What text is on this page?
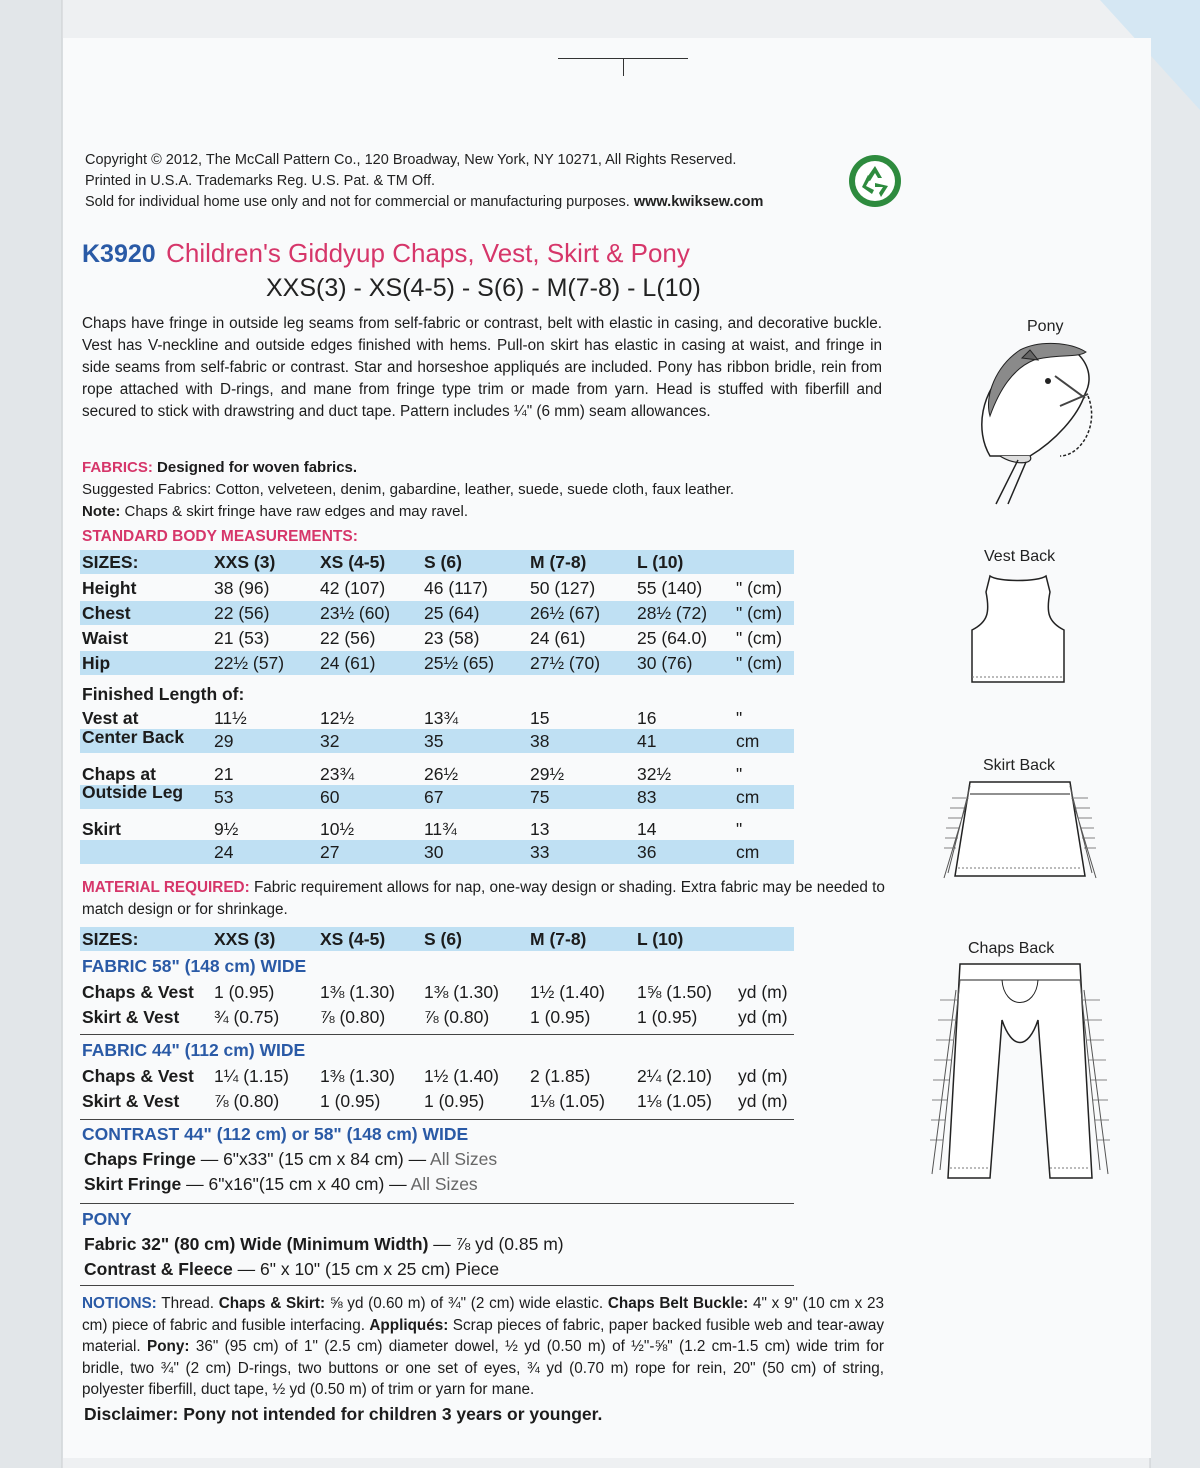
Copyright © 2012, The McCall Pattern Co., 120 Broadway, New York, NY 10271, All Rights Reserved.
Printed in U.S.A. Trademarks Reg. U.S. Pat. & TM Off.
Sold for individual home use only and not for commercial or manufacturing purposes. www.kwiksew.com
K3920 Children's Giddyup Chaps, Vest, Skirt & Pony
XXS(3) - XS(4-5) - S(6) - M(7-8) - L(10)
Chaps have fringe in outside leg seams from self-fabric or contrast, belt with elastic in casing, and decorative buckle. Vest has V-neckline and outside edges finished with hems. Pull-on skirt has elastic in casing at waist, and fringe in side seams from self-fabric or contrast. Star and horseshoe appliqués are included. Pony has ribbon bridle, rein from rope attached with D-rings, and mane from fringe type trim or made from yarn. Head is stuffed with fiberfill and secured to stick with drawstring and duct tape. Pattern includes ¼" (6 mm) seam allowances.
FABRICS: Designed for woven fabrics.
Suggested Fabrics: Cotton, velveteen, denim, gabardine, leather, suede, suede cloth, faux leather.
Note: Chaps & skirt fringe have raw edges and may ravel.
STANDARD BODY MEASUREMENTS:
SIZES:	XXS (3)	XS (4-5) S (6)	M (7-8)	L (10)
Height	38 (96)	42 (107) 46 (117) 50 (127) 55 (140) " (cm)
Chest	22 (56)	23½ (60) 25 (64)	26½ (67) 28½ (72) " (cm)
Waist	21 (53)	22 (56)	23 (58)	24 (61)	25 (64.0) " (cm)
Hip	22½ (57) 24 (61)	25½ (65) 27½ (70) 30 (76) " (cm)
Finished Length of:
Vest at	11½	12½	13¾	15	16	"
Center Back 29	32	35	38	41	cm
Chaps at	21	23¾	26½	29½	32½	"
Outside Leg 53	60	67	75	83	cm
Skirt	9½	10½	11¾	13	14	"
24	27	30	33	36	cm
MATERIAL REQUIRED: Fabric requirement allows for nap, one-way design or shading. Extra fabric may be needed to match design or for shrinkage.
SIZES:	XXS (3)	XS (4-5) S (6)	M (7-8)	L (10)
FABRIC 58" (148 cm) WIDE
Chaps & Vest 1 (0.95)	1⅜ (1.30) 1⅜ (1.30) 1½ (1.40) 1⅝ (1.50) yd (m)
Skirt & Vest ¾ (0.75) ⅞ (0.80) ⅞ (0.80) 1 (0.95)	1 (0.95) yd (m)
FABRIC 44" (112 cm) WIDE
Chaps & Vest 1¼ (1.15) 1⅜ (1.30) 1½ (1.40) 2 (1.85)	2¼ (2.10) yd (m)
Skirt & Vest ⅞ (0.80) 1 (0.95) 1 (0.95)	1⅛ (1.05) 1⅛ (1.05) yd (m)
CONTRAST 44" (112 cm) or 58" (148 cm) WIDE
Chaps Fringe — 6"x33" (15 cm x 84 cm) — All Sizes
Skirt Fringe — 6"x16"(15 cm x 40 cm) — All Sizes
PONY
Fabric 32" (80 cm) Wide (Minimum Width) — ⅞ yd (0.85 m)
Contrast & Fleece — 6" x 10" (15 cm x 25 cm) Piece
NOTIONS: Thread. Chaps & Skirt: ⅝ yd (0.60 m) of ¾" (2 cm) wide elastic. Chaps Belt Buckle: 4" x 9" (10 cm x 23 cm) piece of fabric and fusible interfacing. Appliqués: Scrap pieces of fabric, paper backed fusible web and tear-away material. Pony: 36" (95 cm) of 1" (2.5 cm) diameter dowel, ½ yd (0.50 m) of ½"-⅝" (1.2 cm-1.5 cm) wide trim for bridle, two ¾" (2 cm) D-rings, two buttons or one set of eyes, ¾ yd (0.70 m) rope for rein, 20" (50 cm) of string, polyester fiberfill, duct tape, ½ yd (0.50 m) of trim or yarn for mane.
Disclaimer: Pony not intended for children 3 years or younger.
Pony
Vest Back
Skirt Back
Chaps Back
